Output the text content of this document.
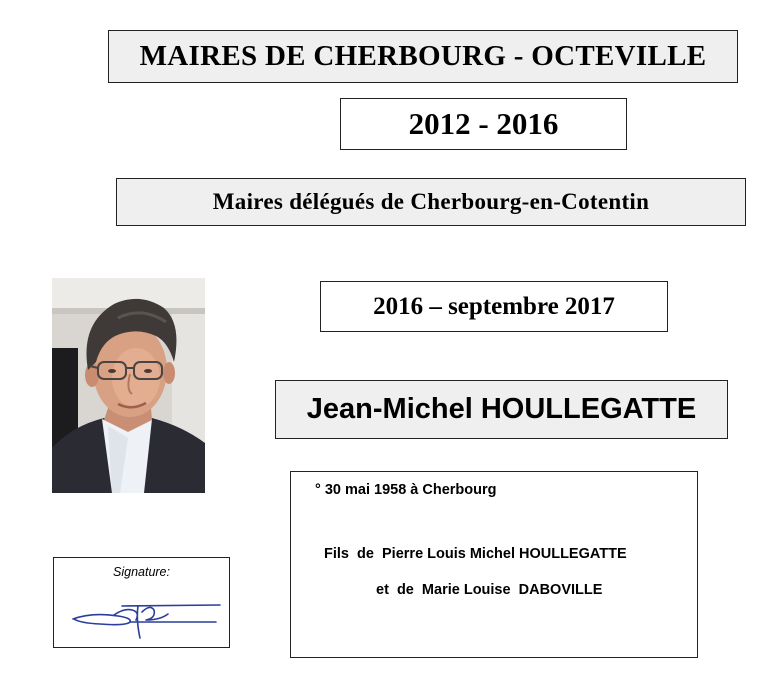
MAIRES DE CHERBOURG - OCTEVILLE
2012 - 2016
Maires délégués de Cherbourg-en-Cotentin
2016 – septembre 2017
Jean-Michel HOULLEGATTE
° 30 mai 1958 à Cherbourg
Fils  de  Pierre Louis Michel HOULLEGATTE
et  de  Marie Louise  DABOVILLE
Signature:
